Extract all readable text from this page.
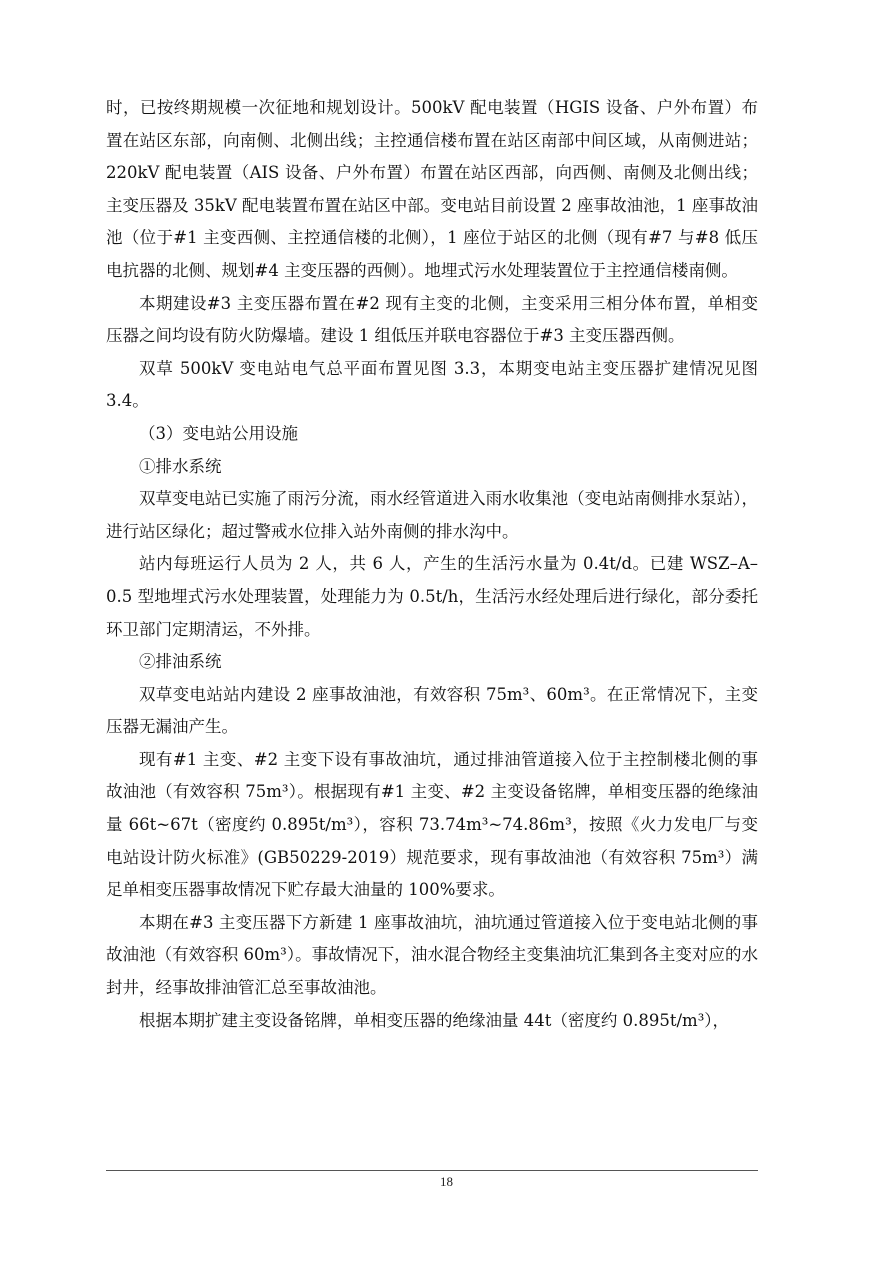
时，已按终期规模一次征地和规划设计。500kV 配电装置（HGIS 设备、户外布置）布置在站区东部，向南侧、北侧出线；主控通信楼布置在站区南部中间区域，从南侧进站；220kV 配电装置（AIS 设备、户外布置）布置在站区西部，向西侧、南侧及北侧出线；主变压器及 35kV 配电装置布置在站区中部。变电站目前设置 2 座事故油池，1 座事故油池（位于#1 主变西侧、主控通信楼的北侧），1 座位于站区的北侧（现有#7 与#8 低压电抗器的北侧、规划#4 主变压器的西侧）。地埋式污水处理装置位于主控通信楼南侧。

本期建设#3 主变压器布置在#2 现有主变的北侧，主变采用三相分体布置，单相变压器之间均设有防火防爆墙。建设 1 组低压并联电容器位于#3 主变压器西侧。

双草 500kV 变电站电气总平面布置见图 3.3，本期变电站主变压器扩建情况见图 3.4。

（3）变电站公用设施

①排水系统

双草变电站已实施了雨污分流，雨水经管道进入雨水收集池（变电站南侧排水泵站），进行站区绿化；超过警戒水位排入站外南侧的排水沟中。

站内每班运行人员为 2 人，共 6 人，产生的生活污水量为 0.4t/d。已建 WSZ–A–0.5 型地埋式污水处理装置，处理能力为 0.5t/h，生活污水经处理后进行绿化，部分委托环卫部门定期清运，不外排。

②排油系统

双草变电站站内建设 2 座事故油池，有效容积 75m³、60m³。在正常情况下，主变压器无漏油产生。

现有#1 主变、#2 主变下设有事故油坑，通过排油管道接入位于主控制楼北侧的事故油池（有效容积 75m³）。根据现有#1 主变、#2 主变设备铭牌，单相变压器的绝缘油量 66t~67t（密度约 0.895t/m³），容积 73.74m³~74.86m³，按照《火力发电厂与变电站设计防火标准》(GB50229-2019）规范要求，现有事故油池（有效容积 75m³）满足单相变压器事故情况下贮存最大油量的 100%要求。

本期在#3 主变压器下方新建 1 座事故油坑，油坑通过管道接入位于变电站北侧的事故油池（有效容积 60m³）。事故情况下，油水混合物经主变集油坑汇集到各主变对应的水封井，经事故排油管汇总至事故油池。

根据本期扩建主变设备铭牌，单相变压器的绝缘油量 44t（密度约 0.895t/m³），

18
